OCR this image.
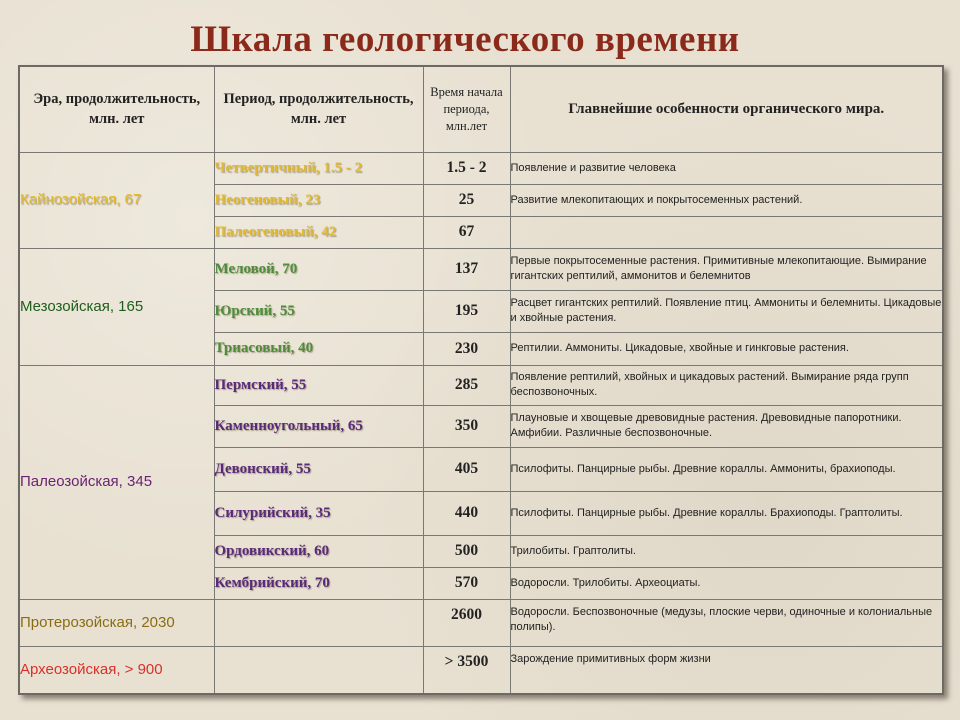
Шкала геологического времени
Эра, продолжительность, млн. лет	Период, продолжительность, млн. лет	Время начала периода, млн.лет	Главнейшие особенности органического мира.
Кайнозойская, 67	Четвертичный, 1.5 - 2	1.5 - 2	Появление и развитие человека
	Неогеновый, 23	25	Развитие млекопитающих и покрытосеменных растений.
	Палеогеновый, 42	67	
Мезозойская, 165	Меловой, 70	137	Первые покрытосеменные растения. Примитивные млекопитающие. Вымирание гигантских рептилий, аммонитов и белемнитов
	Юрский, 55	195	Расцвет гигантских рептилий. Появление птиц. Аммониты и белемниты. Цикадовые и хвойные растения.
	Триасовый, 40	230	Рептилии. Аммониты. Цикадовые, хвойные и гинкговые растения.
Палеозойская, 345	Пермский, 55	285	Появление рептилий, хвойных и цикадовых растений. Вымирание ряда групп беспозвоночных.
	Каменноугольный, 65	350	Плауновые и хвощевые древовидные растения. Древовидные папоротники. Амфибии. Различные беспозвоночные.
	Девонский, 55	405	Псилофиты. Панцирные рыбы. Древние кораллы. Аммониты, брахиоподы.
	Силурийский, 35	440	Псилофиты. Панцирные рыбы. Древние кораллы. Брахиоподы. Граптолиты.
	Ордовикский, 60	500	Трилобиты. Граптолиты.
	Кембрийский, 70	570	Водоросли. Трилобиты. Археоциаты.
Протерозойская, 2030		2600	Водоросли. Беспозвоночные (медузы, плоские черви, одиночные и колониальные полипы).
Археозойская, > 900		> 3500	Зарождение примитивных форм жизни
